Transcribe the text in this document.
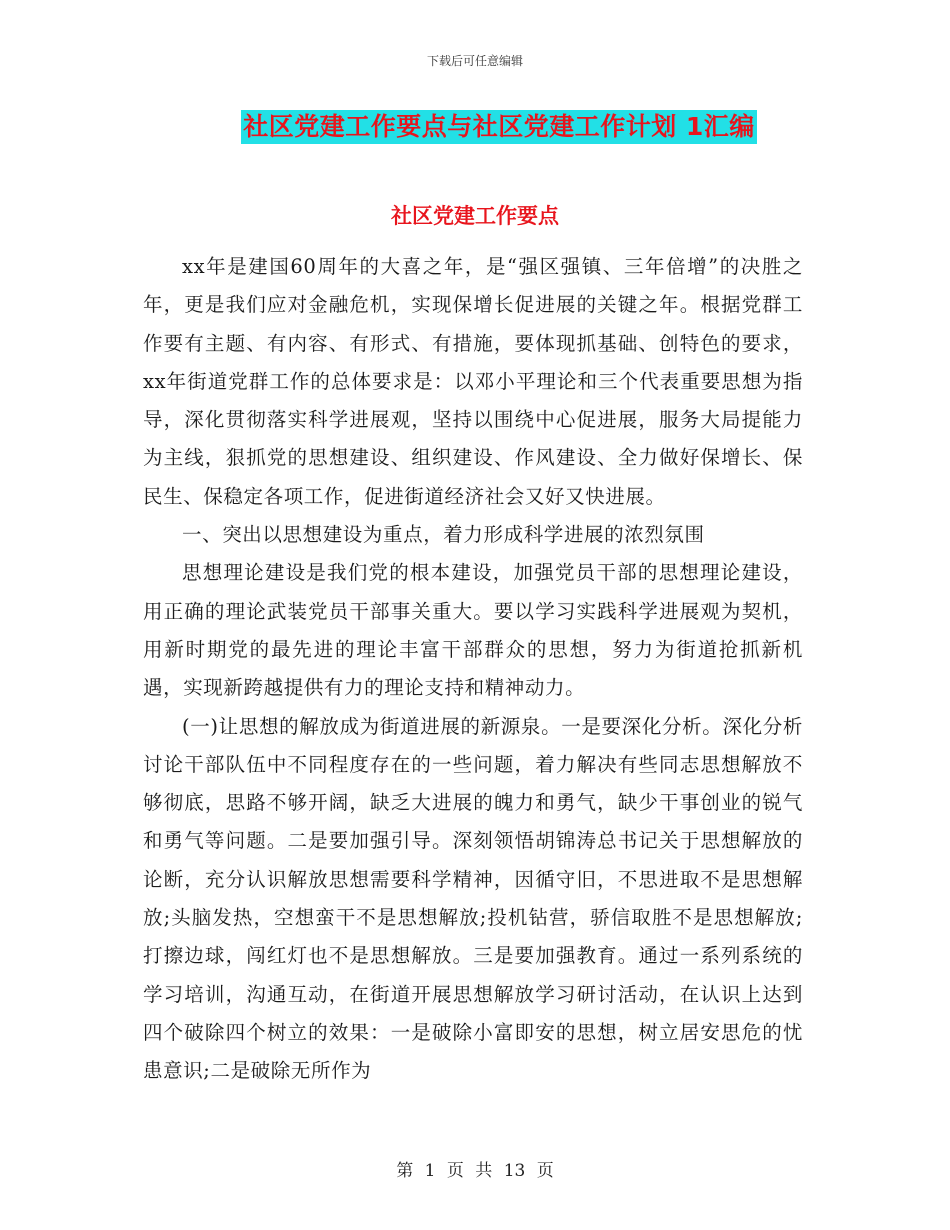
下载后可任意编辑
社区党建工作要点与社区党建工作计划 1汇编
社区党建工作要点

xx年是建国60周年的大喜之年，是“强区强镇、三年倍增”的决胜之年，更是我们应对金融危机，实现保增长促进展的关键之年。根据党群工作要有主题、有内容、有形式、有措施，要体现抓基础、创特色的要求，xx年街道党群工作的总体要求是：以邓小平理论和三个代表重要思想为指导，深化贯彻落实科学进展观，坚持以围绕中心促进展，服务大局提能力为主线，狠抓党的思想建设、组织建设、作风建设、全力做好保增长、保民生、保稳定各项工作，促进街道经济社会又好又快进展。

一、突出以思想建设为重点，着力形成科学进展的浓烈氛围

思想理论建设是我们党的根本建设，加强党员干部的思想理论建设，用正确的理论武装党员干部事关重大。要以学习实践科学进展观为契机，用新时期党的最先进的理论丰富干部群众的思想，努力为街道抢抓新机遇，实现新跨越提供有力的理论支持和精神动力。

(一)让思想的解放成为街道进展的新源泉。一是要深化分析。深化分析讨论干部队伍中不同程度存在的一些问题，着力解决有些同志思想解放不够彻底，思路不够开阔，缺乏大进展的魄力和勇气，缺少干事创业的锐气和勇气等问题。二是要加强引导。深刻领悟胡锦涛总书记关于思想解放的论断，充分认识解放思想需要科学精神，因循守旧，不思进取不是思想解放;头脑发热，空想蛮干不是思想解放;投机钻营，骄信取胜不是思想解放;打擦边球，闯红灯也不是思想解放。三是要加强教育。通过一系列系统的学习培训，沟通互动，在街道开展思想解放学习研讨活动，在认识上达到四个破除四个树立的效果：一是破除小富即安的思想，树立居安思危的忧患意识;二是破除无所作为

第 1 页 共 13 页
